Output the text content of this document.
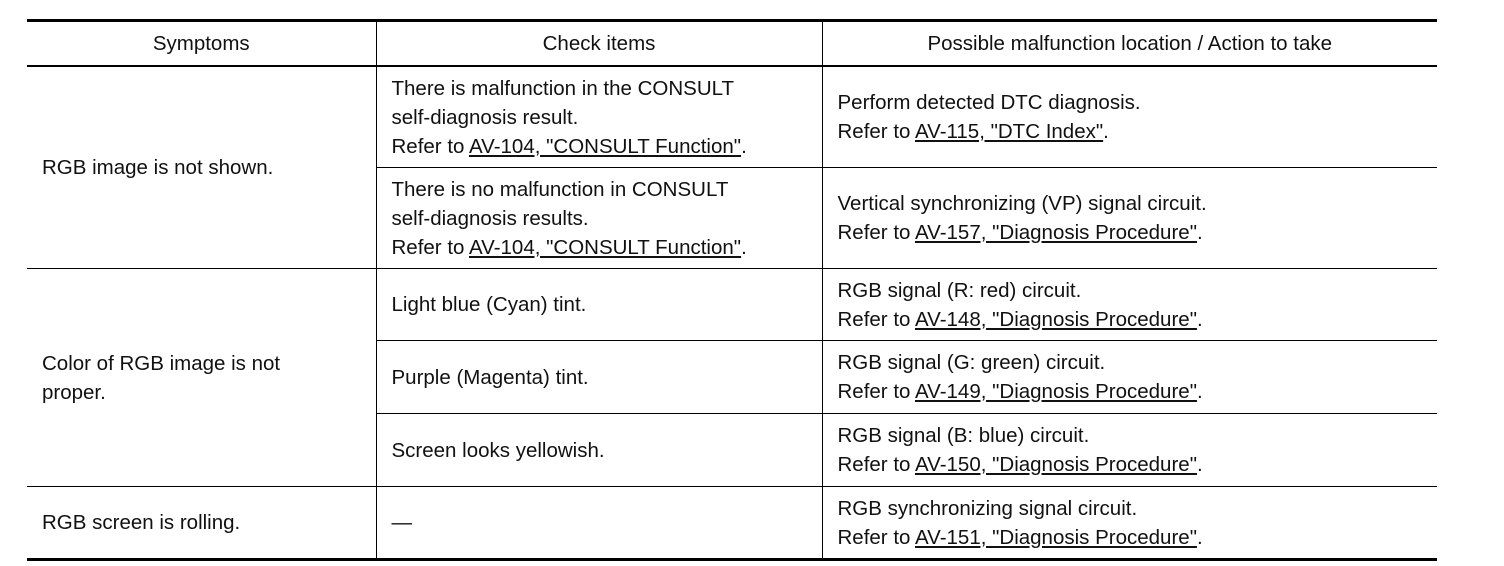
Symptoms	Check items	Possible malfunction location / Action to take

RGB image is not shown.	There is malfunction in the CONSULT
self-diagnosis result.
Refer to AV-104, "CONSULT Function".	Perform detected DTC diagnosis.
Refer to AV-115, "DTC Index".

	There is no malfunction in CONSULT
self-diagnosis results.
Refer to AV-104, "CONSULT Function".	Vertical synchronizing (VP) signal circuit.
Refer to AV-157, "Diagnosis Procedure".

Color of RGB image is not
proper.	Light blue (Cyan) tint.	RGB signal (R: red) circuit.
Refer to AV-148, "Diagnosis Procedure".

	Purple (Magenta) tint.	RGB signal (G: green) circuit.
Refer to AV-149, "Diagnosis Procedure".

	Screen looks yellowish.	RGB signal (B: blue) circuit.
Refer to AV-150, "Diagnosis Procedure".

RGB screen is rolling.	—	RGB synchronizing signal circuit.
Refer to AV-151, "Diagnosis Procedure".
